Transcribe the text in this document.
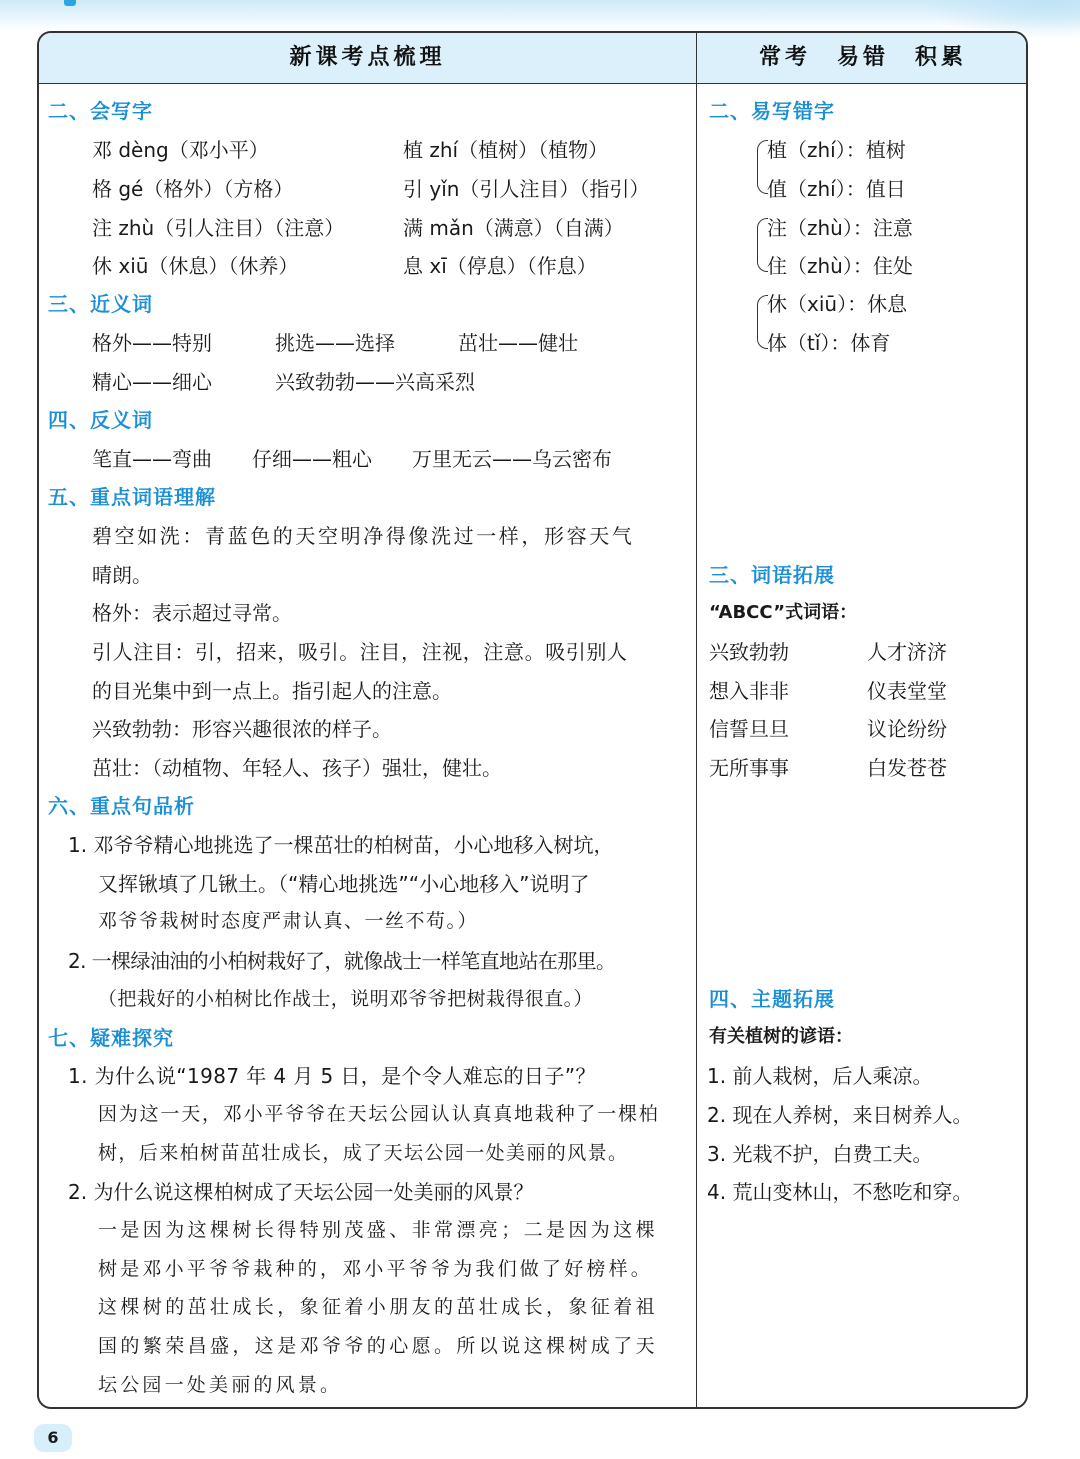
新课考点梳理	常考　易错　积累
二、会写字
邓 dèng（邓小平）	植 zhí（植树）（植物）
格 gé（格外）（方格）	引 yǐn（引人注目）（指引）
注 zhù（引人注目）（注意）	满 mǎn（满意）（自满）
休 xiū（休息）（休养）	息 xī（停息）（作息）
三、近义词
格外——特别	挑选——选择	茁壮——健壮
精心——细心	兴致勃勃——兴高采烈
四、反义词
笔直——弯曲 仔细——粗心 万里无云——乌云密布
五、重点词语理解
碧空如洗：青蓝色的天空明净得像洗过一样，形容天气
晴朗。
格外：表示超过寻常。
引人注目：引，招来，吸引。注目，注视，注意。吸引别人
的目光集中到一点上。指引起人的注意。
兴致勃勃：形容兴趣很浓的样子。
茁壮：（动植物、年轻人、孩子）强壮，健壮。
六、重点句品析
1. 邓爷爷精心地挑选了一棵茁壮的柏树苗，小心地移入树坑，
又挥锹填了几锹土。（“精心地挑选”“小心地移入”说明了
邓爷爷栽树时态度严肃认真、一丝不苟。）
2. 一棵绿油油的小柏树栽好了，就像战士一样笔直地站在那里。
（把栽好的小柏树比作战士，说明邓爷爷把树栽得很直。）
七、疑难探究
1. 为什么说“1987 年 4 月 5 日，是个令人难忘的日子”？
因为这一天，邓小平爷爷在天坛公园认认真真地栽种了一棵柏
树，后来柏树苗茁壮成长，成了天坛公园一处美丽的风景。
2. 为什么说这棵柏树成了天坛公园一处美丽的风景？
一是因为这棵树长得特别茂盛、非常漂亮；二是因为这棵
树是邓小平爷爷栽种的，邓小平爷爷为我们做了好榜样。
这棵树的茁壮成长，象征着小朋友的茁壮成长，象征着祖
国的繁荣昌盛，这是邓爷爷的心愿。所以说这棵树成了天
坛公园一处美丽的风景。
二、易写错字
植（zhí）：植树
值（zhí）：值日
注（zhù）：注意
住（zhù）：住处
休（xiū）：休息
体（tǐ）：体育
三、词语拓展
“ABCC”式词语：
兴致勃勃	人才济济
想入非非	仪表堂堂
信誓旦旦	议论纷纷
无所事事	白发苍苍
四、主题拓展
有关植树的谚语：
1. 前人栽树，后人乘凉。
2. 现在人养树，来日树养人。
3. 光栽不护，白费工夫。
4. 荒山变林山，不愁吃和穿。
6
